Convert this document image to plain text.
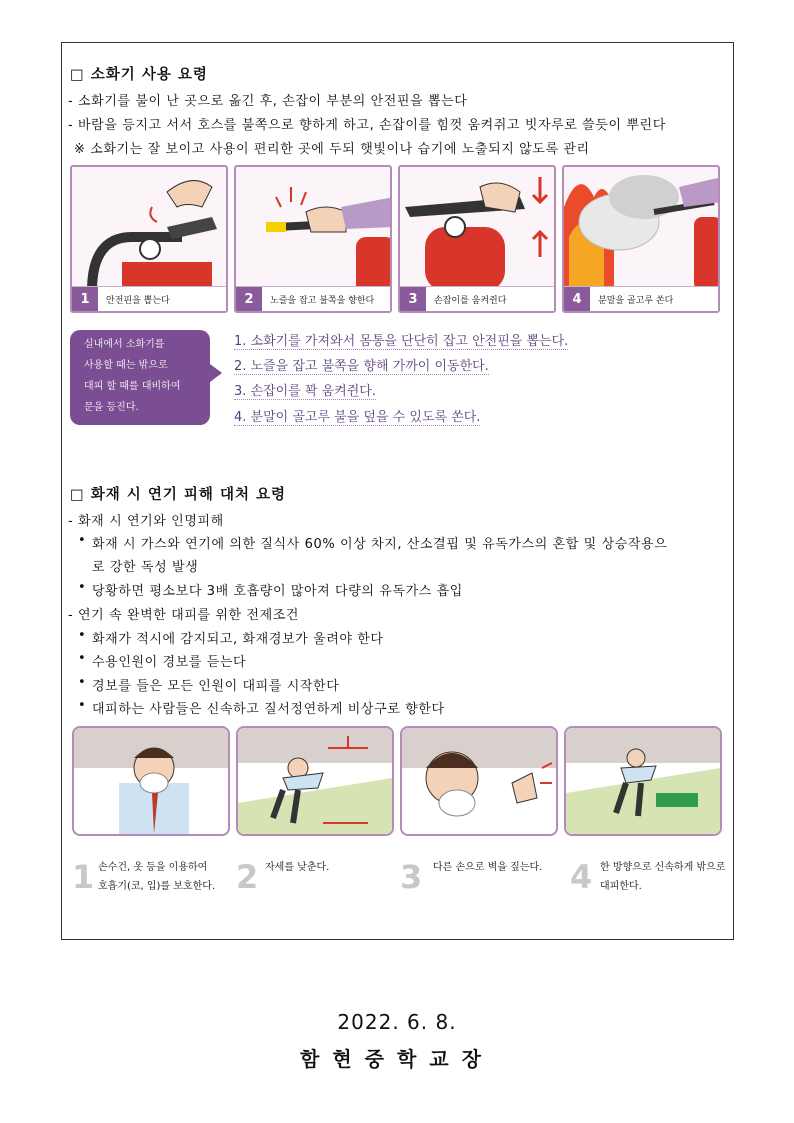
□ 소화기 사용 요령
- 소화기를 불이 난 곳으로 옮긴 후, 손잡이 부분의 안전핀을 뽑는다
- 바람을 등지고 서서 호스를 불쪽으로 향하게 하고, 손잡이를 힘껏 움켜쥐고 빗자루로 쓸듯이 뿌린다
※ 소화기는 잘 보이고 사용이 편리한 곳에 두되 햇빛이나 습기에 노출되지 않도록 관리
1	안전핀을 뽑는다	2	노즐을 잡고 불쪽을 향한다	3	손잡이를 움켜쥔다	4	분말을 골고루 쏜다
실내에서 소화기를
사용할 때는 밖으로
대피 할 때를 대비하여
문을 등진다.
1. 소화기를 가져와서 몸통을 단단히 잡고 안전핀을 뽑는다.
2. 노즐을 잡고 불쪽을 향해 가까이 이동한다.
3. 손잡이를 꽉 움켜쥔다.
4. 분말이 골고루 불을 덮을 수 있도록 쏜다.
□ 화재 시 연기 피해 대처 요령
- 화재 시 연기와 인명피해
• 화재 시 가스와 연기에 의한 질식사 60% 이상 차지, 산소결핍 및 유독가스의 혼합 및 상승작용으
로 강한 독성 발생
• 당황하면 평소보다 3배 호흡량이 많아져 다량의 유독가스 흡입
- 연기 속 완벽한 대피를 위한 전제조건
• 화재가 적시에 감지되고, 화재경보가 울려야 한다
• 수용인원이 경보를 듣는다
• 경보를 들은 모든 인원이 대피를 시작한다
• 대피하는 사람들은 신속하고 질서정연하게 비상구로 향한다
1 손수건, 옷 등을 이용하여
호흡기(코, 입)를 보호한다. 2 자세를 낮춘다. 3 다른 손으로 벽을 짚는다. 4 한 방향으로 신속하게 밖으로
대피한다.
2022. 6. 8.
함현중학교장
